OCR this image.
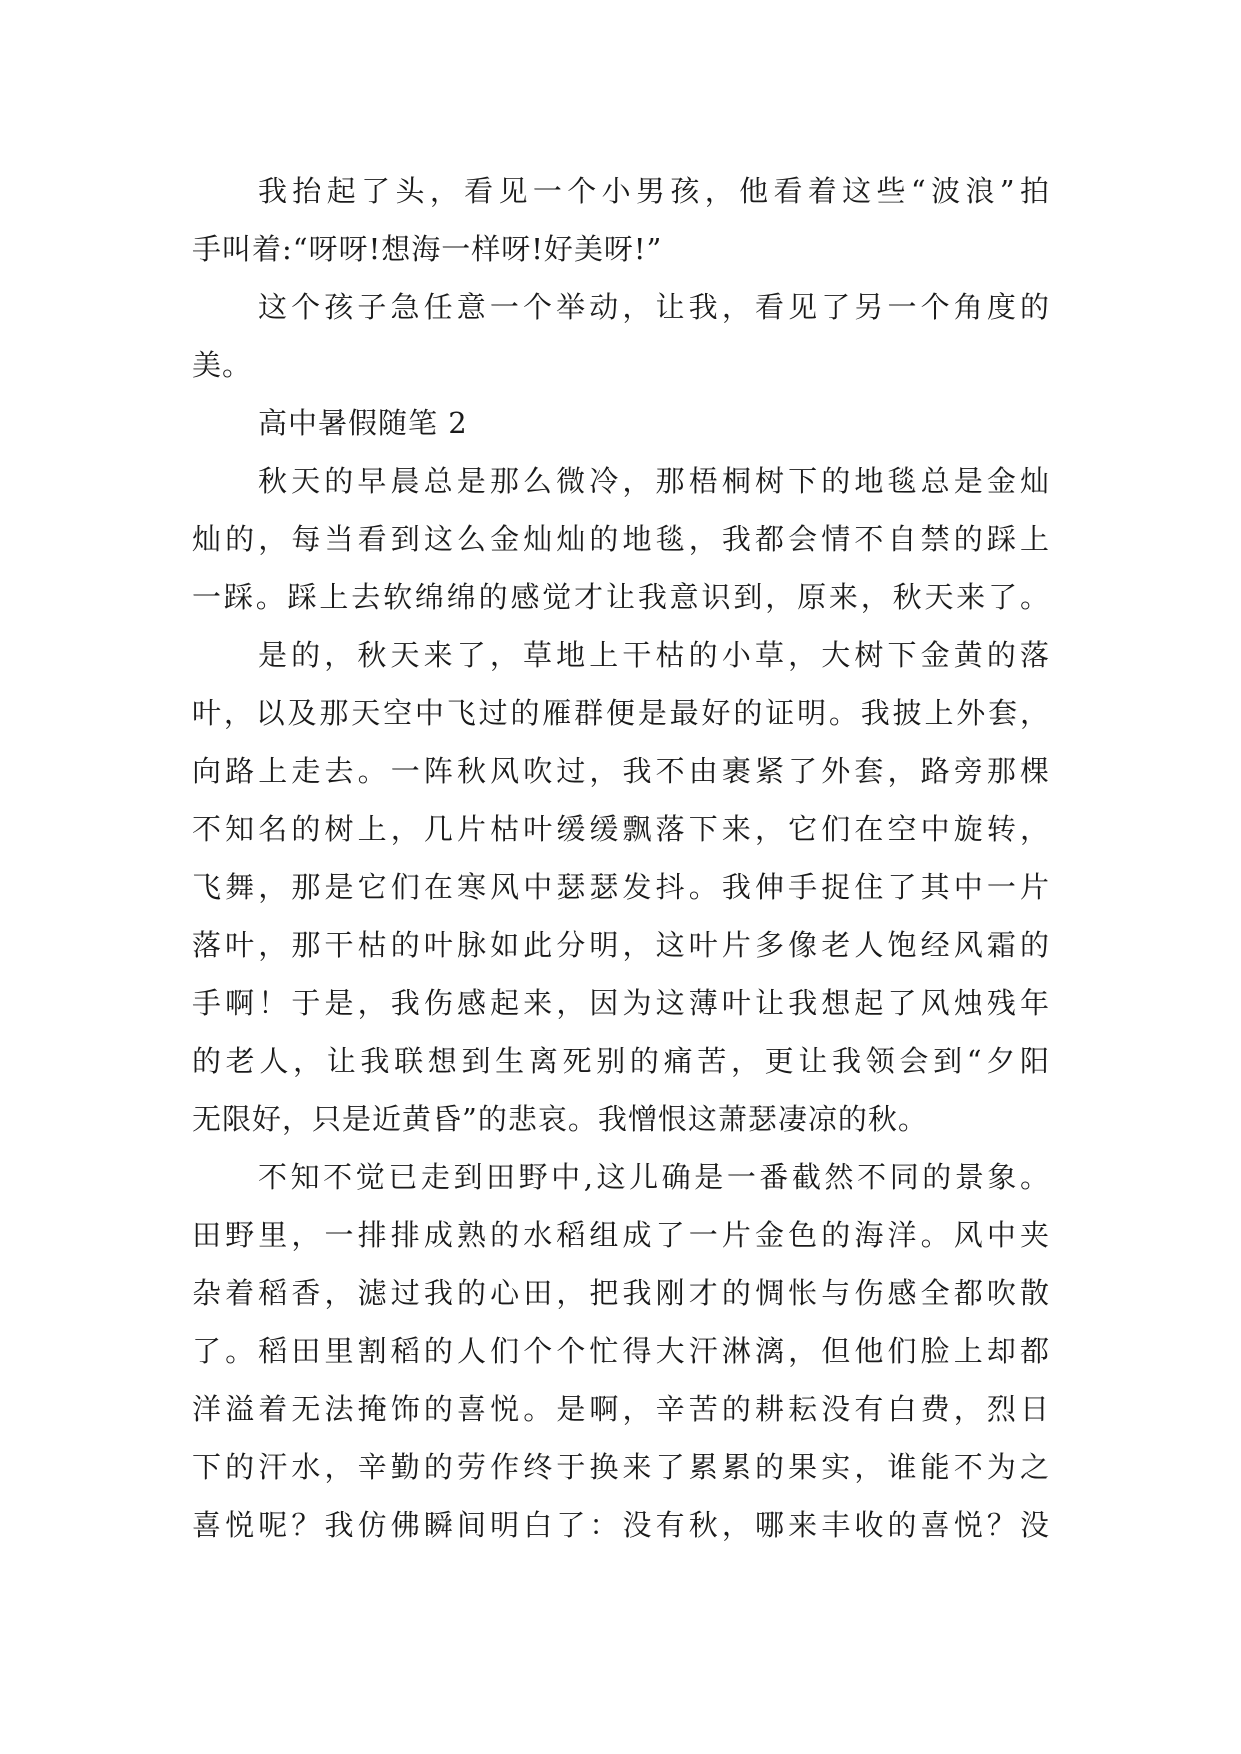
我抬起了头，看见一个小男孩，他看着这些“波浪”拍
手叫着:“呀呀!想海一样呀!好美呀!”
这个孩子急任意一个举动，让我，看见了另一个角度的
美。
高中暑假随笔 2
秋天的早晨总是那么微冷，那梧桐树下的地毯总是金灿
灿的，每当看到这么金灿灿的地毯，我都会情不自禁的踩上
一踩。踩上去软绵绵的感觉才让我意识到，原来，秋天来了。
是的，秋天来了，草地上干枯的小草，大树下金黄的落
叶，以及那天空中飞过的雁群便是最好的证明。我披上外套，
向路上走去。一阵秋风吹过，我不由裹紧了外套，路旁那棵
不知名的树上，几片枯叶缓缓飘落下来，它们在空中旋转，
飞舞，那是它们在寒风中瑟瑟发抖。我伸手捉住了其中一片
落叶，那干枯的叶脉如此分明，这叶片多像老人饱经风霜的
手啊！于是，我伤感起来，因为这薄叶让我想起了风烛残年
的老人，让我联想到生离死别的痛苦，更让我领会到“夕阳
无限好，只是近黄昏”的悲哀。我憎恨这萧瑟凄凉的秋。
不知不觉已走到田野中,这儿确是一番截然不同的景象。
田野里，一排排成熟的水稻组成了一片金色的海洋。风中夹
杂着稻香，滤过我的心田，把我刚才的惆怅与伤感全都吹散
了。稻田里割稻的人们个个忙得大汗淋漓，但他们脸上却都
洋溢着无法掩饰的喜悦。是啊，辛苦的耕耘没有白费，烈日
下的汗水，辛勤的劳作终于换来了累累的果实，谁能不为之
喜悦呢？我仿佛瞬间明白了：没有秋，哪来丰收的喜悦？没
